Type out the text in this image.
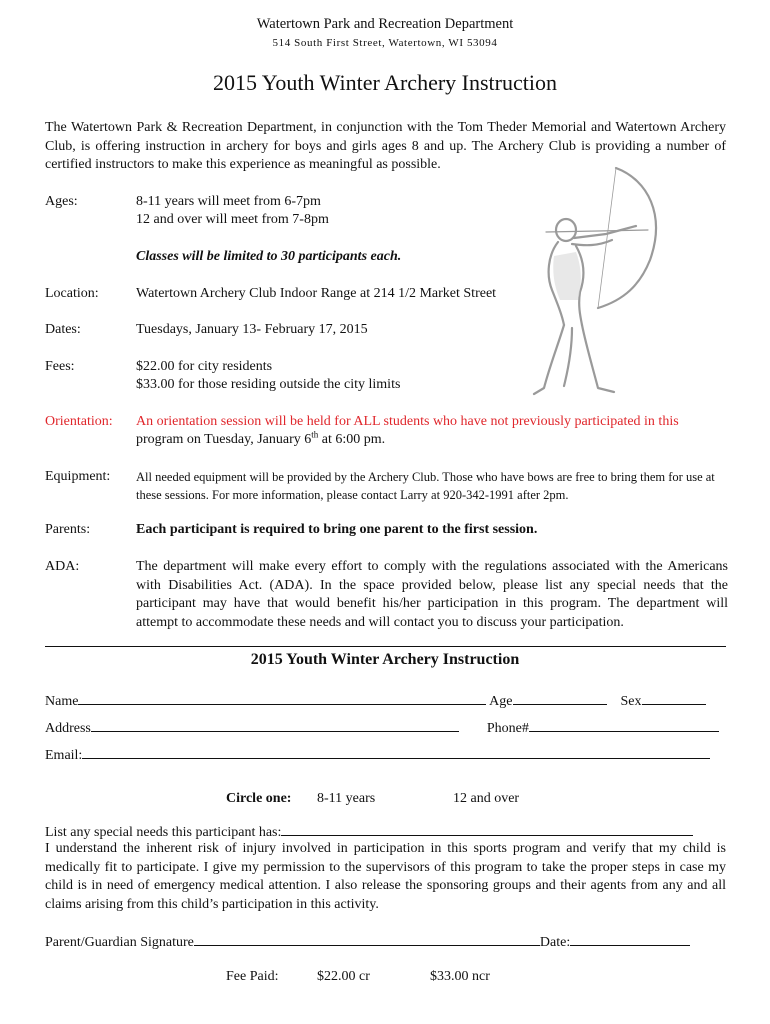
Watertown Park and Recreation Department
514 South First Street, Watertown, WI 53094
2015 Youth Winter Archery Instruction
The Watertown Park & Recreation Department, in conjunction with the Tom Theder Memorial and Watertown Archery Club, is offering instruction in archery for boys and girls ages 8 and up. The Archery Club is providing a number of certified instructors to make this experience as meaningful as possible.
Ages:	8-11 years will meet from 6-7pm
12 and over will meet from 7-8pm
Classes will be limited to 30 participants each.
Location:	Watertown Archery Club Indoor Range at 214 1/2 Market Street
Dates:	Tuesdays, January 13- February 17, 2015
Fees:	$22.00 for city residents
$33.00 for those residing outside the city limits
Orientation: An orientation session will be held for ALL students who have not previously participated in this
program on Tuesday, January 6th at 6:00 pm.
Equipment: All needed equipment will be provided by the Archery Club. Those who have bows are free to bring them for use at these sessions. For more information, please contact Larry at 920-342-1991 after 2pm.
Parents:	Each participant is required to bring one parent to the first session.
ADA:	The department will make every effort to comply with the regulations associated with the Americans with Disabilities Act. (ADA). In the space provided below, please list any special needs that the participant may have that would benefit his/her participation in this program. The department will attempt to accommodate these needs and will contact you to discuss your participation.
2015 Youth Winter Archery Instruction
Name	Age	Sex
Address	Phone#
Email:
Circle one: 8-11 years	12 and over
List any special needs this participant has:
I understand the inherent risk of injury involved in participation in this sports program and verify that my child is medically fit to participate. I give my permission to the supervisors of this program to take the proper steps in case my child is in need of emergency medical attention. I also release the sponsoring groups and their agents from any and all claims arising from this child’s participation in this activity.
Parent/Guardian Signature	Date:
Fee Paid:	$22.00 cr	$33.00 ncr
